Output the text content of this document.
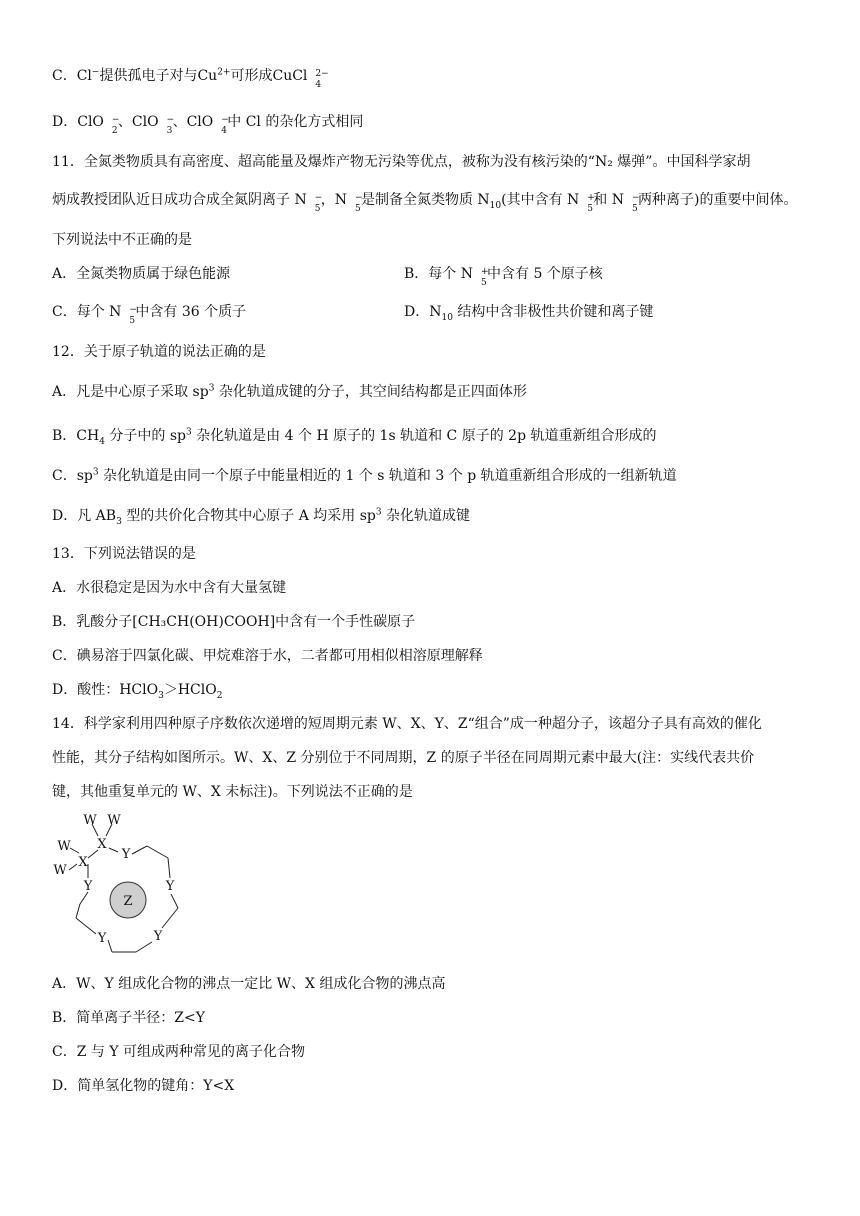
C．Cl−提供孤电子对与$Cu^{2+}$可形成CuCl 2−
4
D．ClO −
2
、ClO −
3
、ClO −
4
中 Cl 的杂化方式相同
11．全氮类物质具有高密度、超高能量及爆炸产物无污染等优点，被称为没有核污染的“N₂ 爆弹”。中国科学家胡
炳成教授团队近日成功合成全氮阴离子 N −
5
，N −
5
是制备全氮类物质 $N_{10}$(其中含有 N +
5
和 N −
5
两种离子)的重要中间体。
下列说法中不正确的是
A．全氮类物质属于绿色能源	B．每个 N +
5
中含有 5 个原子核
C．每个 N −
5
中含有 36 个质子	D．$N_{10}$ 结构中含非极性共价键和离子键
12．关于原子轨道的说法正确的是
A．凡是中心原子采取 $sp^3$ 杂化轨道成键的分子，其空间结构都是正四面体形
B．$CH_4$ 分子中的 $sp^3$ 杂化轨道是由 4 个 H 原子的 1s 轨道和 C 原子的 2p 轨道重新组合形成的
C．$sp^3$ 杂化轨道是由同一个原子中能量相近的 1 个 s 轨道和 3 个 p 轨道重新组合形成的一组新轨道
D．凡 $AB_3$ 型的共价化合物其中心原子 A 均采用 $sp^3$ 杂化轨道成键
13．下列说法错误的是
A．水很稳定是因为水中含有大量氢键
B．乳酸分子[CH₃CH(OH)COOH]中含有一个手性碳原子
C．碘易溶于四氯化碳、甲烷难溶于水，二者都可用相似相溶原理解释
D．酸性：HClO$_3$＞HClO$_2$
14．科学家利用四种原子序数依次递增的短周期元素 W、X、Y、Z“组合”成一种超分子，该超分子具有高效的催化
性能，其分子结构如图所示。W、X、Z 分别位于不同周期，Z 的原子半径在同周期元素中最大(注：实线代表共价
键，其他重复单元的 W、X 未标注)。下列说法不正确的是
W W
X
W
Y
X
W
Y	Y
Z
Y
Y
A．W、Y 组成化合物的沸点一定比 W、X 组成化合物的沸点高
B．简单离子半径：Z<Y
C．Z 与 Y 可组成两种常见的离子化合物
D．简单氢化物的键角：Y<X
